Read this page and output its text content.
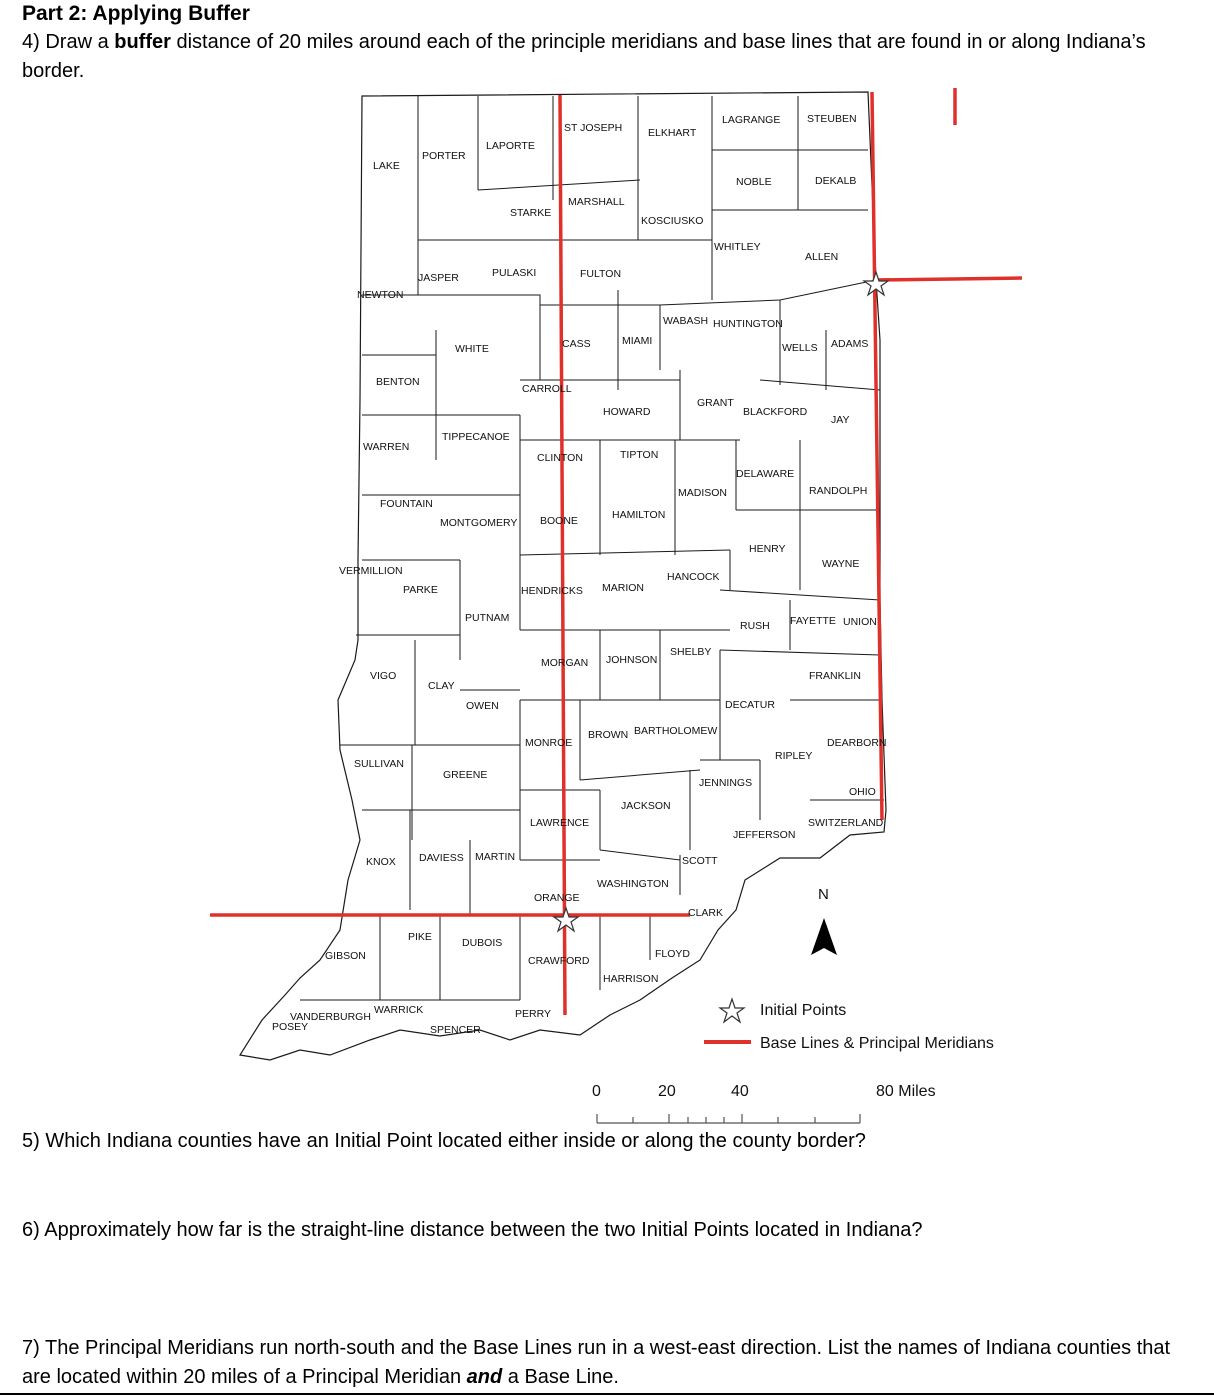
Part 2: Applying Buffer

4) Draw a buffer distance of 20 miles around each of the principle meridians and base lines that are found in or along Indiana’s border.

LAKE
PORTER
LAPORTE
ST JOSEPH ELKHART
LAGRANGE	STEUBEN
NOBLE	DEKALB
STARKE
MARSHALL
KOSCIUSKO
WHITLEY
ALLEN
NEWTON
JASPER	PULASKI	FULTON
WABASH HUNTINGTON
CASS	MIAMI
WELLS ADAMS
WHITE
BENTON
CARROLL
HOWARD
GRANT
BLACKFORD
JAY
TIPPECANOE
WARREN
CLINTON	TIPTON
DELAWARE
MADISON	RANDOLPH
FOUNTAIN
MONTGOMERY BOONE	HAMILTON
HENRY
WAYNE
VERMILLION
PARKE	HENDRICKS MARION
HANCOCK
PUTNAM
RUSH FAYETTE UNION
MORGAN JOHNSON
SHELBY
VIGO
CLAY
FRANKLIN
OWEN	DECATUR
MONROE
BROWN BARTHOLOMEW
DEARBORN
RIPLEY
SULLIVAN
GREENE
JENNINGS
OHIO
JACKSON
LAWRENCE	SWITZERLAND
JEFFERSON
SCOTT
KNOX DAVIESS MARTIN
WASHINGTON
ORANGE
CLARK
PIKE	DUBOIS
GIBSON	CRAWFORD
FLOYD
HARRISON
VANDERBURGH
WARRICK
POSEY	SPENCER
PERRY
N
Initial Points
Base Lines & Principal Meridians
0	20	40	80 Miles

5) Which Indiana counties have an Initial Point located either inside or along the county border?

6) Approximately how far is the straight-line distance between the two Initial Points located in Indiana?

7) The Principal Meridians run north-south and the Base Lines run in a west-east direction. List the names of Indiana counties that are located within 20 miles of a Principal Meridian and a Base Line.
